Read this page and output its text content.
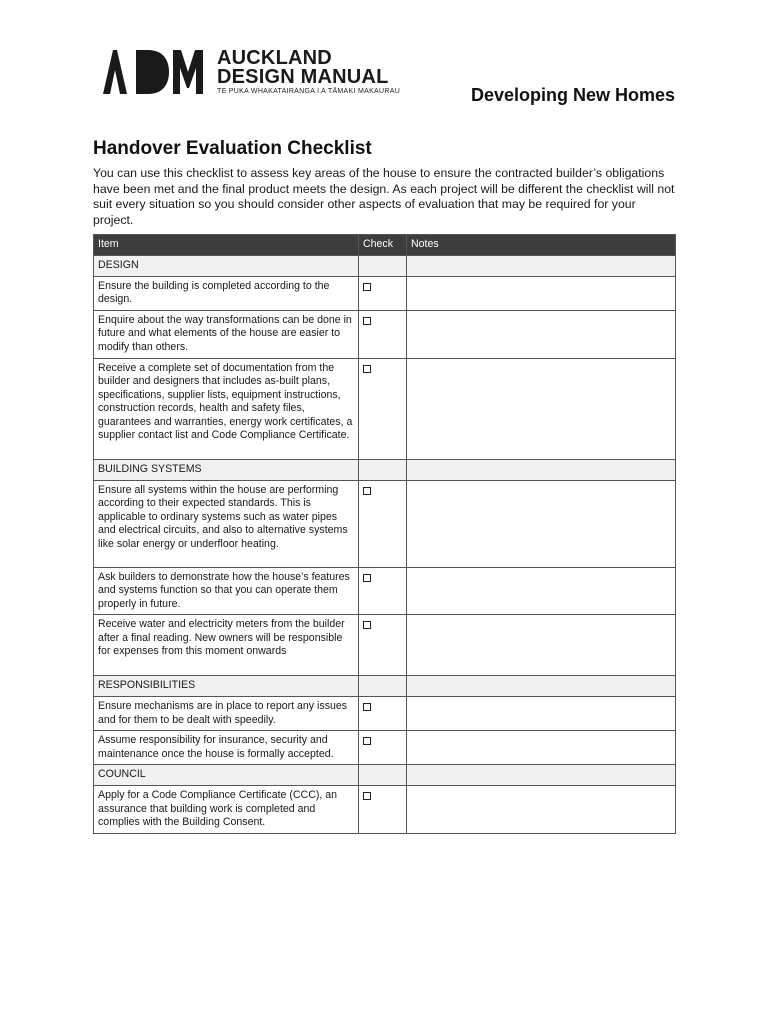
AUCKLAND
DESIGN MANUAL
TE PUKA WHAKATAIRANGA I A TĀMAKI MAKAURAU	Developing New Homes
Handover Evaluation Checklist

You can use this checklist to assess key areas of the house to ensure the contracted builder’s obligations have been met and the final product meets the design. As each project will be different the checklist will not suit every situation so you should consider other aspects of evaluation that may be required for your project.

Item	Check	Notes
DESIGN		
Ensure the building is completed according to the design.		
Enquire about the way transformations can be done in future and what elements of the house are easier to modify than others.		
Receive a complete set of documentation from the builder and designers that includes as-built plans, specifications, supplier lists, equipment instructions, construction records, health and safety files, guarantees and warranties, energy work certificates, a supplier contact list and Code Compliance Certificate.		
BUILDING SYSTEMS		
Ensure all systems within the house are performing according to their expected standards. This is applicable to ordinary systems such as water pipes and electrical circuits, and also to alternative systems like solar energy or underfloor heating.		
Ask builders to demonstrate how the house’s features and systems function so that you can operate them properly in future.		
Receive water and electricity meters from the builder after a final reading. New owners will be responsible for expenses from this moment onwards		
RESPONSIBILITIES		
Ensure mechanisms are in place to report any issues and for them to be dealt with speedily.		
Assume responsibility for insurance, security and maintenance once the house is formally accepted.		
COUNCIL		
Apply for a Code Compliance Certificate (CCC), an assurance that building work is completed and complies with the Building Consent.		
